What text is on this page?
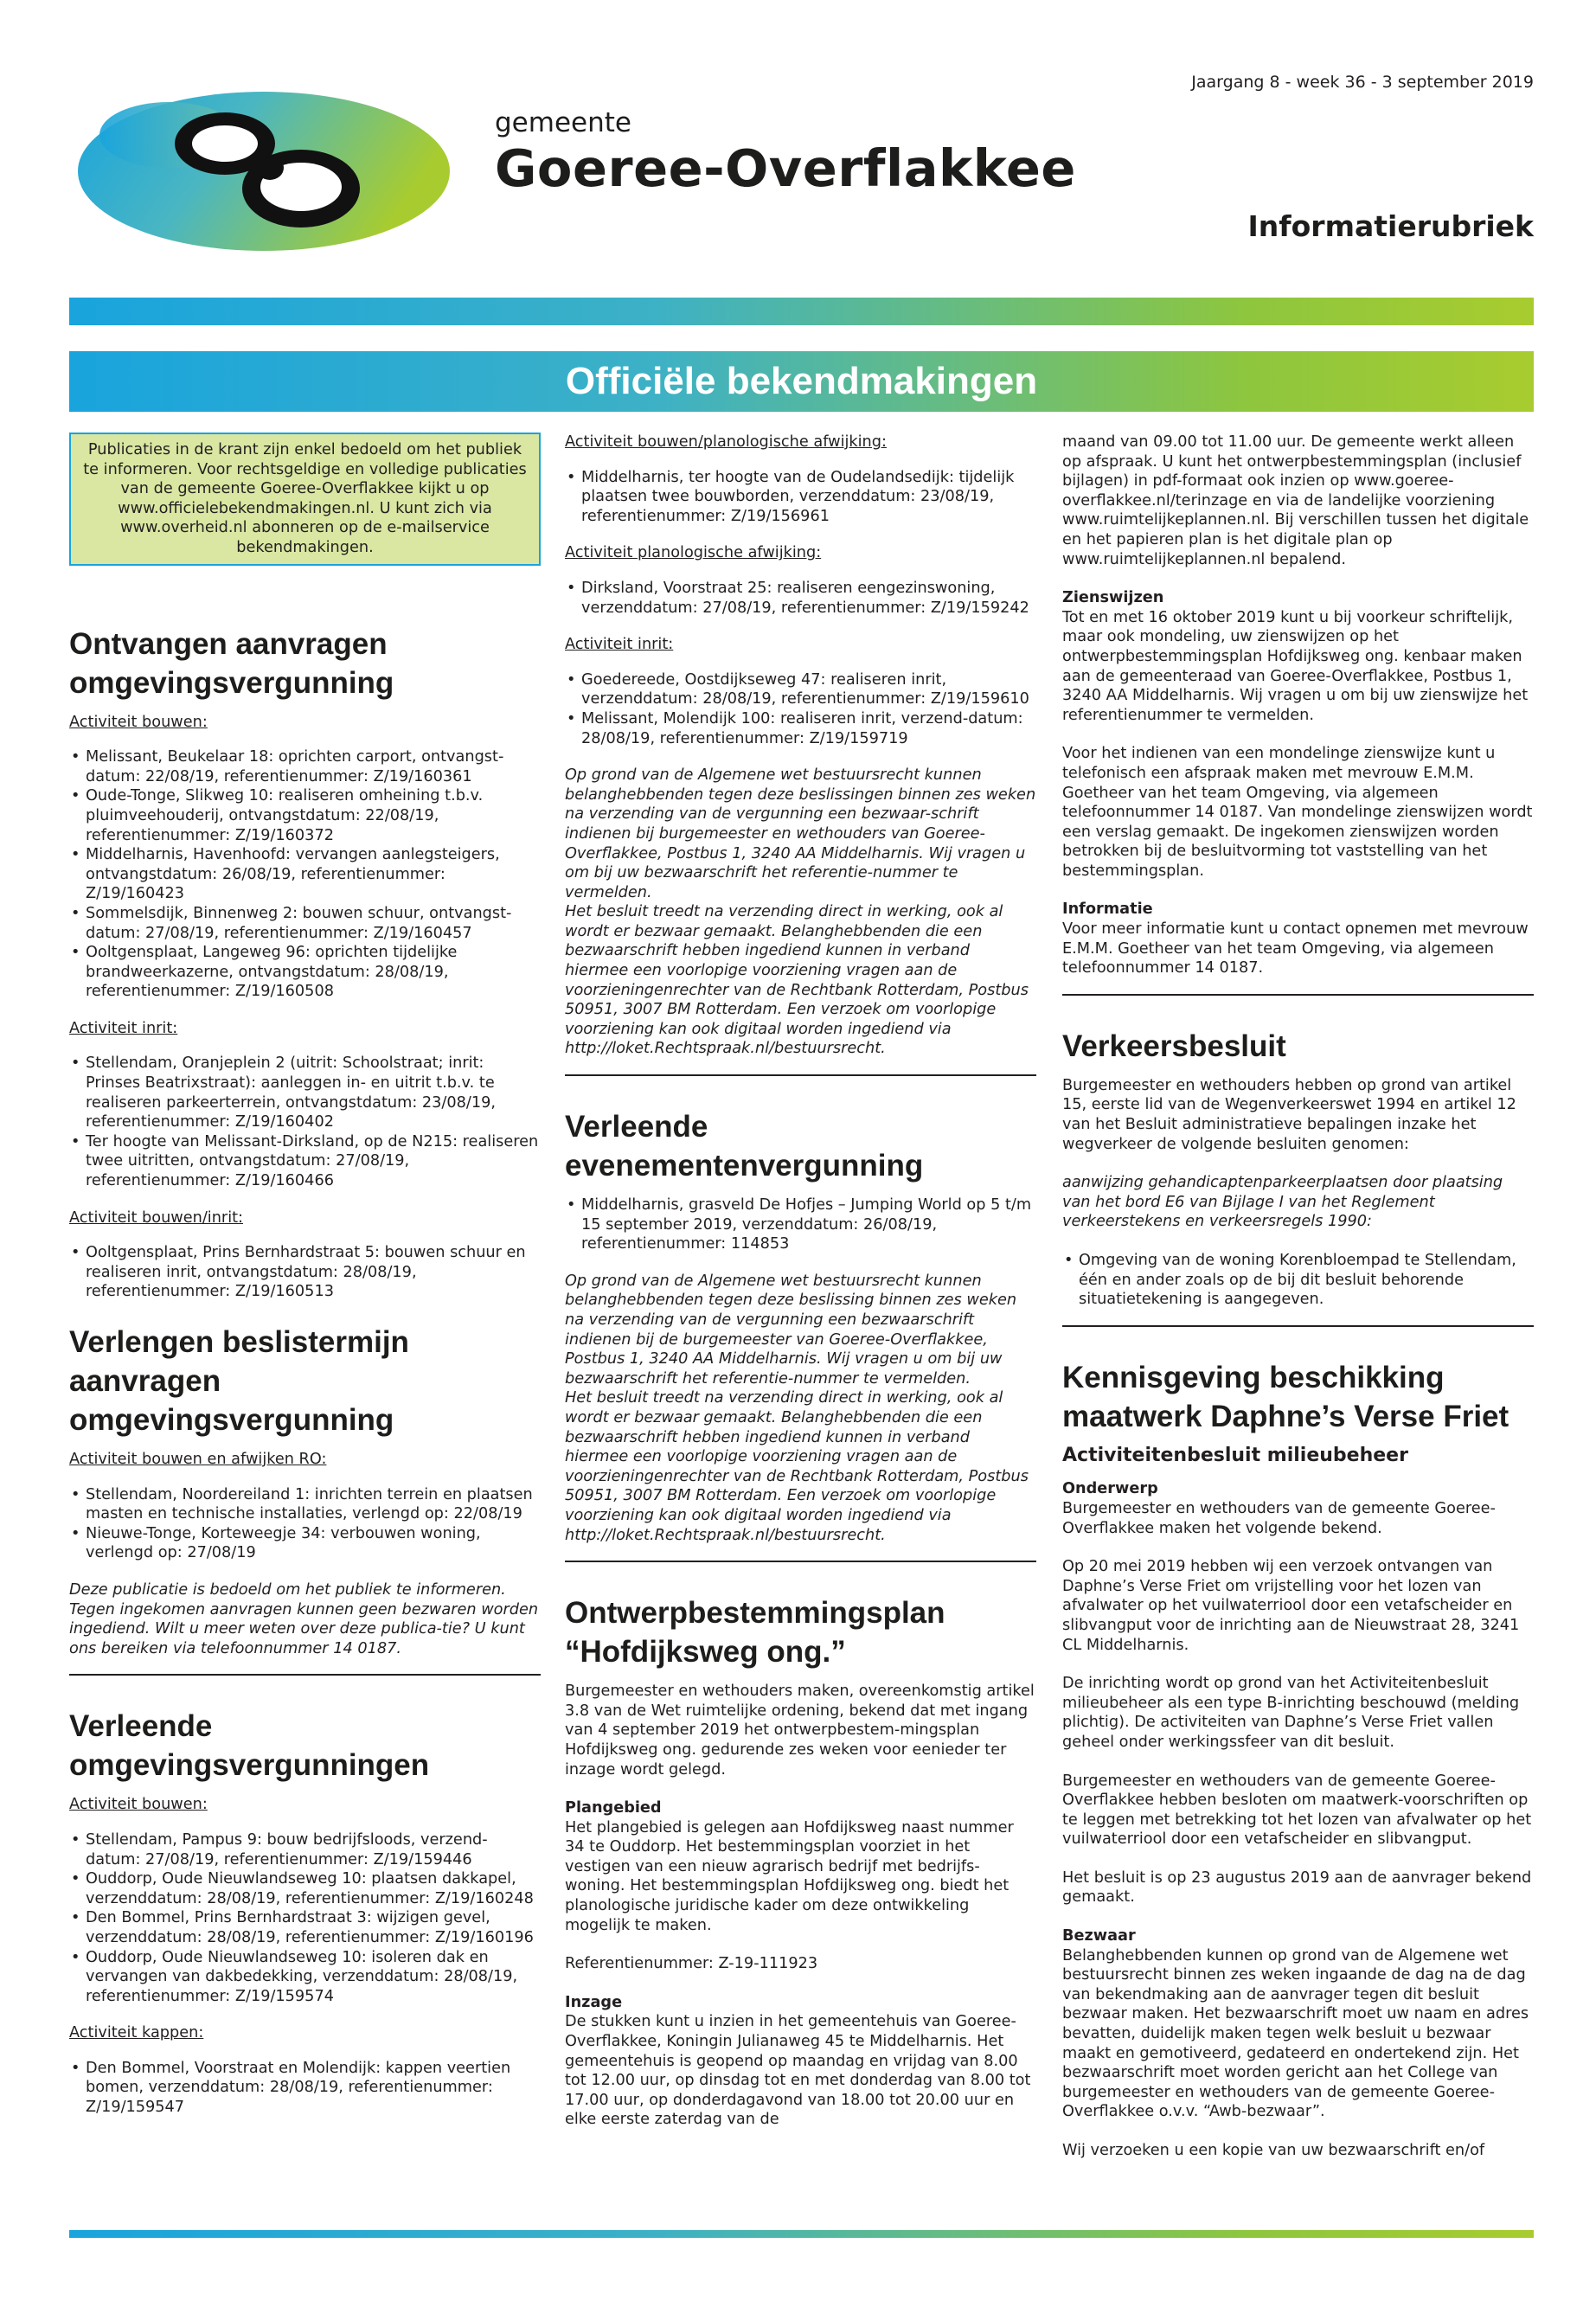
gemeente
Goeree-Overflakkee
Jaargang 8 - week 36 - 3 september 2019
Informatierubriek
Officiële bekendmakingen
Publicaties in de krant zijn enkel bedoeld om het publiek te informeren. Voor rechtsgeldige en volledige publicaties van de gemeente Goeree-Overflakkee kijkt u op www.officielebekendmakingen.nl. U kunt zich via www.overheid.nl abonneren op de e-mailservice bekendmakingen.
Ontvangen aanvragen omgevingsvergunning
Activiteit bouwen:
• Melissant, Beukelaar 18: oprichten carport, ontvangst-datum: 22/08/19, referentienummer: Z/19/160361
• Oude-Tonge, Slikweg 10: realiseren omheining t.b.v. pluimveehouderij, ontvangstdatum: 22/08/19, referentienummer: Z/19/160372
• Middelharnis, Havenhoofd: vervangen aanlegsteigers, ontvangstdatum: 26/08/19, referentienummer: Z/19/160423
• Sommelsdijk, Binnenweg 2: bouwen schuur, ontvangst-datum: 27/08/19, referentienummer: Z/19/160457
• Ooltgensplaat, Langeweg 96: oprichten tijdelijke brandweerkazerne, ontvangstdatum: 28/08/19, referentienummer: Z/19/160508
Activiteit inrit:
• Stellendam, Oranjeplein 2 (uitrit: Schoolstraat; inrit: Prinses Beatrixstraat): aanleggen in- en uitrit t.b.v. te realiseren parkeerterrein, ontvangstdatum: 23/08/19, referentienummer: Z/19/160402
• Ter hoogte van Melissant-Dirksland, op de N215: realiseren twee uitritten, ontvangstdatum: 27/08/19, referentienummer: Z/19/160466
Activiteit bouwen/inrit:
• Ooltgensplaat, Prins Bernhardstraat 5: bouwen schuur en realiseren inrit, ontvangstdatum: 28/08/19, referentienummer: Z/19/160513
Verlengen beslistermijn aanvragen omgevingsvergunning
Activiteit bouwen en afwijken RO:
• Stellendam, Noordereiland 1: inrichten terrein en plaatsen masten en technische installaties, verlengd op: 22/08/19
• Nieuwe-Tonge, Korteweegje 34: verbouwen woning, verlengd op: 27/08/19

Deze publicatie is bedoeld om het publiek te informeren. Tegen ingekomen aanvragen kunnen geen bezwaren worden ingediend. Wilt u meer weten over deze publica-tie? U kunt ons bereiken via telefoonnummer 14 0187.

Verleende omgevingsvergunningen
Activiteit bouwen:
• Stellendam, Pampus 9: bouw bedrijfsloods, verzend-datum: 27/08/19, referentienummer: Z/19/159446
• Ouddorp, Oude Nieuwlandseweg 10: plaatsen dakkapel, verzenddatum: 28/08/19, referentienummer: Z/19/160248
• Den Bommel, Prins Bernhardstraat 3: wijzigen gevel, verzenddatum: 28/08/19, referentienummer: Z/19/160196
• Ouddorp, Oude Nieuwlandseweg 10: isoleren dak en vervangen van dakbedekking, verzenddatum: 28/08/19, referentienummer: Z/19/159574
Activiteit kappen:
• Den Bommel, Voorstraat en Molendijk: kappen veertien bomen, verzenddatum: 28/08/19, referentienummer: Z/19/159547
Activiteit bouwen/planologische afwijking:
• Middelharnis, ter hoogte van de Oudelandsedijk: tijdelijk plaatsen twee bouwborden, verzenddatum: 23/08/19, referentienummer: Z/19/156961
Activiteit planologische afwijking:
• Dirksland, Voorstraat 25: realiseren eengezinswoning, verzenddatum: 27/08/19, referentienummer: Z/19/159242
Activiteit inrit:
• Goedereede, Oostdijkseweg 47: realiseren inrit, verzenddatum: 28/08/19, referentienummer: Z/19/159610
• Melissant, Molendijk 100: realiseren inrit, verzend-datum: 28/08/19, referentienummer: Z/19/159719

Op grond van de Algemene wet bestuursrecht kunnen belanghebbenden tegen deze beslissingen binnen zes weken na verzending van de vergunning een bezwaar-schrift indienen bij burgemeester en wethouders van Goeree-Overflakkee, Postbus 1, 3240 AA Middelharnis. Wij vragen u om bij uw bezwaarschrift het referentie-nummer te vermelden.

Het besluit treedt na verzending direct in werking, ook al wordt er bezwaar gemaakt. Belanghebbenden die een bezwaarschrift hebben ingediend kunnen in verband hiermee een voorlopige voorziening vragen aan de voorzieningenrechter van de Rechtbank Rotterdam, Postbus 50951, 3007 BM Rotterdam. Een verzoek om voorlopige voorziening kan ook digitaal worden ingediend via http://loket.Rechtspraak.nl/bestuursrecht.

Verleende evenementenvergunning
• Middelharnis, grasveld De Hofjes – Jumping World op 5 t/m 15 september 2019, verzenddatum: 26/08/19, referentienummer: 114853

Op grond van de Algemene wet bestuursrecht kunnen belanghebbenden tegen deze beslissing binnen zes weken na verzending van de vergunning een bezwaarschrift indienen bij de burgemeester van Goeree-Overflakkee, Postbus 1, 3240 AA Middelharnis. Wij vragen u om bij uw bezwaarschrift het referentie-nummer te vermelden.

Het besluit treedt na verzending direct in werking, ook al wordt er bezwaar gemaakt. Belanghebbenden die een bezwaarschrift hebben ingediend kunnen in verband hiermee een voorlopige voorziening vragen aan de voorzieningenrechter van de Rechtbank Rotterdam, Postbus 50951, 3007 BM Rotterdam. Een verzoek om voorlopige voorziening kan ook digitaal worden ingediend via http://loket.Rechtspraak.nl/bestuursrecht.

Ontwerpbestemmingsplan “Hofdijksweg ong.”

Burgemeester en wethouders maken, overeenkomstig artikel 3.8 van de Wet ruimtelijke ordening, bekend dat met ingang van 4 september 2019 het ontwerpbestem-mingsplan Hofdijksweg ong. gedurende zes weken voor eenieder ter inzage wordt gelegd.

Plangebied

Het plangebied is gelegen aan Hofdijksweg naast nummer 34 te Ouddorp. Het bestemmingsplan voorziet in het vestigen van een nieuw agrarisch bedrijf met bedrijfs-woning. Het bestemmingsplan Hofdijksweg ong. biedt het planologische juridische kader om deze ontwikkeling mogelijk te maken.

Referentienummer: Z-19-111923

Inzage

De stukken kunt u inzien in het gemeentehuis van Goeree-Overflakkee, Koningin Julianaweg 45 te Middelharnis. Het gemeentehuis is geopend op maandag en vrijdag van 8.00 tot 12.00 uur, op dinsdag tot en met donderdag van 8.00 tot 17.00 uur, op donderdagavond van 18.00 tot 20.00 uur en elke eerste zaterdag van de

maand van 09.00 tot 11.00 uur. De gemeente werkt alleen op afspraak. U kunt het ontwerpbestemmingsplan (inclusief bijlagen) in pdf-formaat ook inzien op www.goeree-overflakkee.nl/terinzage en via de landelijke voorziening www.ruimtelijkeplannen.nl. Bij verschillen tussen het digitale en het papieren plan is het digitale plan op www.ruimtelijkeplannen.nl bepalend.

Zienswijzen

Tot en met 16 oktober 2019 kunt u bij voorkeur schriftelijk, maar ook mondeling, uw zienswijzen op het ontwerpbestemmingsplan Hofdijksweg ong. kenbaar maken aan de gemeenteraad van Goeree-Overflakkee, Postbus 1, 3240 AA Middelharnis. Wij vragen u om bij uw zienswijze het referentienummer te vermelden.

Voor het indienen van een mondelinge zienswijze kunt u telefonisch een afspraak maken met mevrouw E.M.M. Goetheer van het team Omgeving, via algemeen telefoonnummer 14 0187. Van mondelinge zienswijzen wordt een verslag gemaakt. De ingekomen zienswijzen worden betrokken bij de besluitvorming tot vaststelling van het bestemmingsplan.

Informatie

Voor meer informatie kunt u contact opnemen met mevrouw E.M.M. Goetheer van het team Omgeving, via algemeen telefoonnummer 14 0187.

Verkeersbesluit

Burgemeester en wethouders hebben op grond van artikel 15, eerste lid van de Wegenverkeerswet 1994 en artikel 12 van het Besluit administratieve bepalingen inzake het wegverkeer de volgende besluiten genomen:

aanwijzing gehandicaptenparkeerplaatsen door plaatsing van het bord E6 van Bijlage I van het Reglement verkeerstekens en verkeersregels 1990:

• Omgeving van de woning Korenbloempad te Stellendam, één en ander zoals op de bij dit besluit behorende situatietekening is aangegeven.
Kennisgeving beschikking maatwerk Daphne’s Verse Friet
Activiteitenbesluit milieubeheer
Onderwerp

Burgemeester en wethouders van de gemeente Goeree-Overflakkee maken het volgende bekend.

Op 20 mei 2019 hebben wij een verzoek ontvangen van Daphne’s Verse Friet om vrijstelling voor het lozen van afvalwater op het vuilwaterriool door een vetafscheider en slibvangput voor de inrichting aan de Nieuwstraat 28, 3241 CL Middelharnis.

De inrichting wordt op grond van het Activiteitenbesluit milieubeheer als een type B-inrichting beschouwd (melding plichtig). De activiteiten van Daphne’s Verse Friet vallen geheel onder werkingssfeer van dit besluit.

Burgemeester en wethouders van de gemeente Goeree-Overflakkee hebben besloten om maatwerk-voorschriften op te leggen met betrekking tot het lozen van afvalwater op het vuilwaterriool door een vetafscheider en slibvangput.

Het besluit is op 23 augustus 2019 aan de aanvrager bekend gemaakt.

Bezwaar

Belanghebbenden kunnen op grond van de Algemene wet bestuursrecht binnen zes weken ingaande de dag na de dag van bekendmaking aan de aanvrager tegen dit besluit bezwaar maken. Het bezwaarschrift moet uw naam en adres bevatten, duidelijk maken tegen welk besluit u bezwaar maakt en gemotiveerd, gedateerd en ondertekend zijn. Het bezwaarschrift moet worden gericht aan het College van burgemeester en wethouders van de gemeente Goeree-Overflakkee o.v.v. “Awb-bezwaar”.

Wij verzoeken u een kopie van uw bezwaarschrift en/of
